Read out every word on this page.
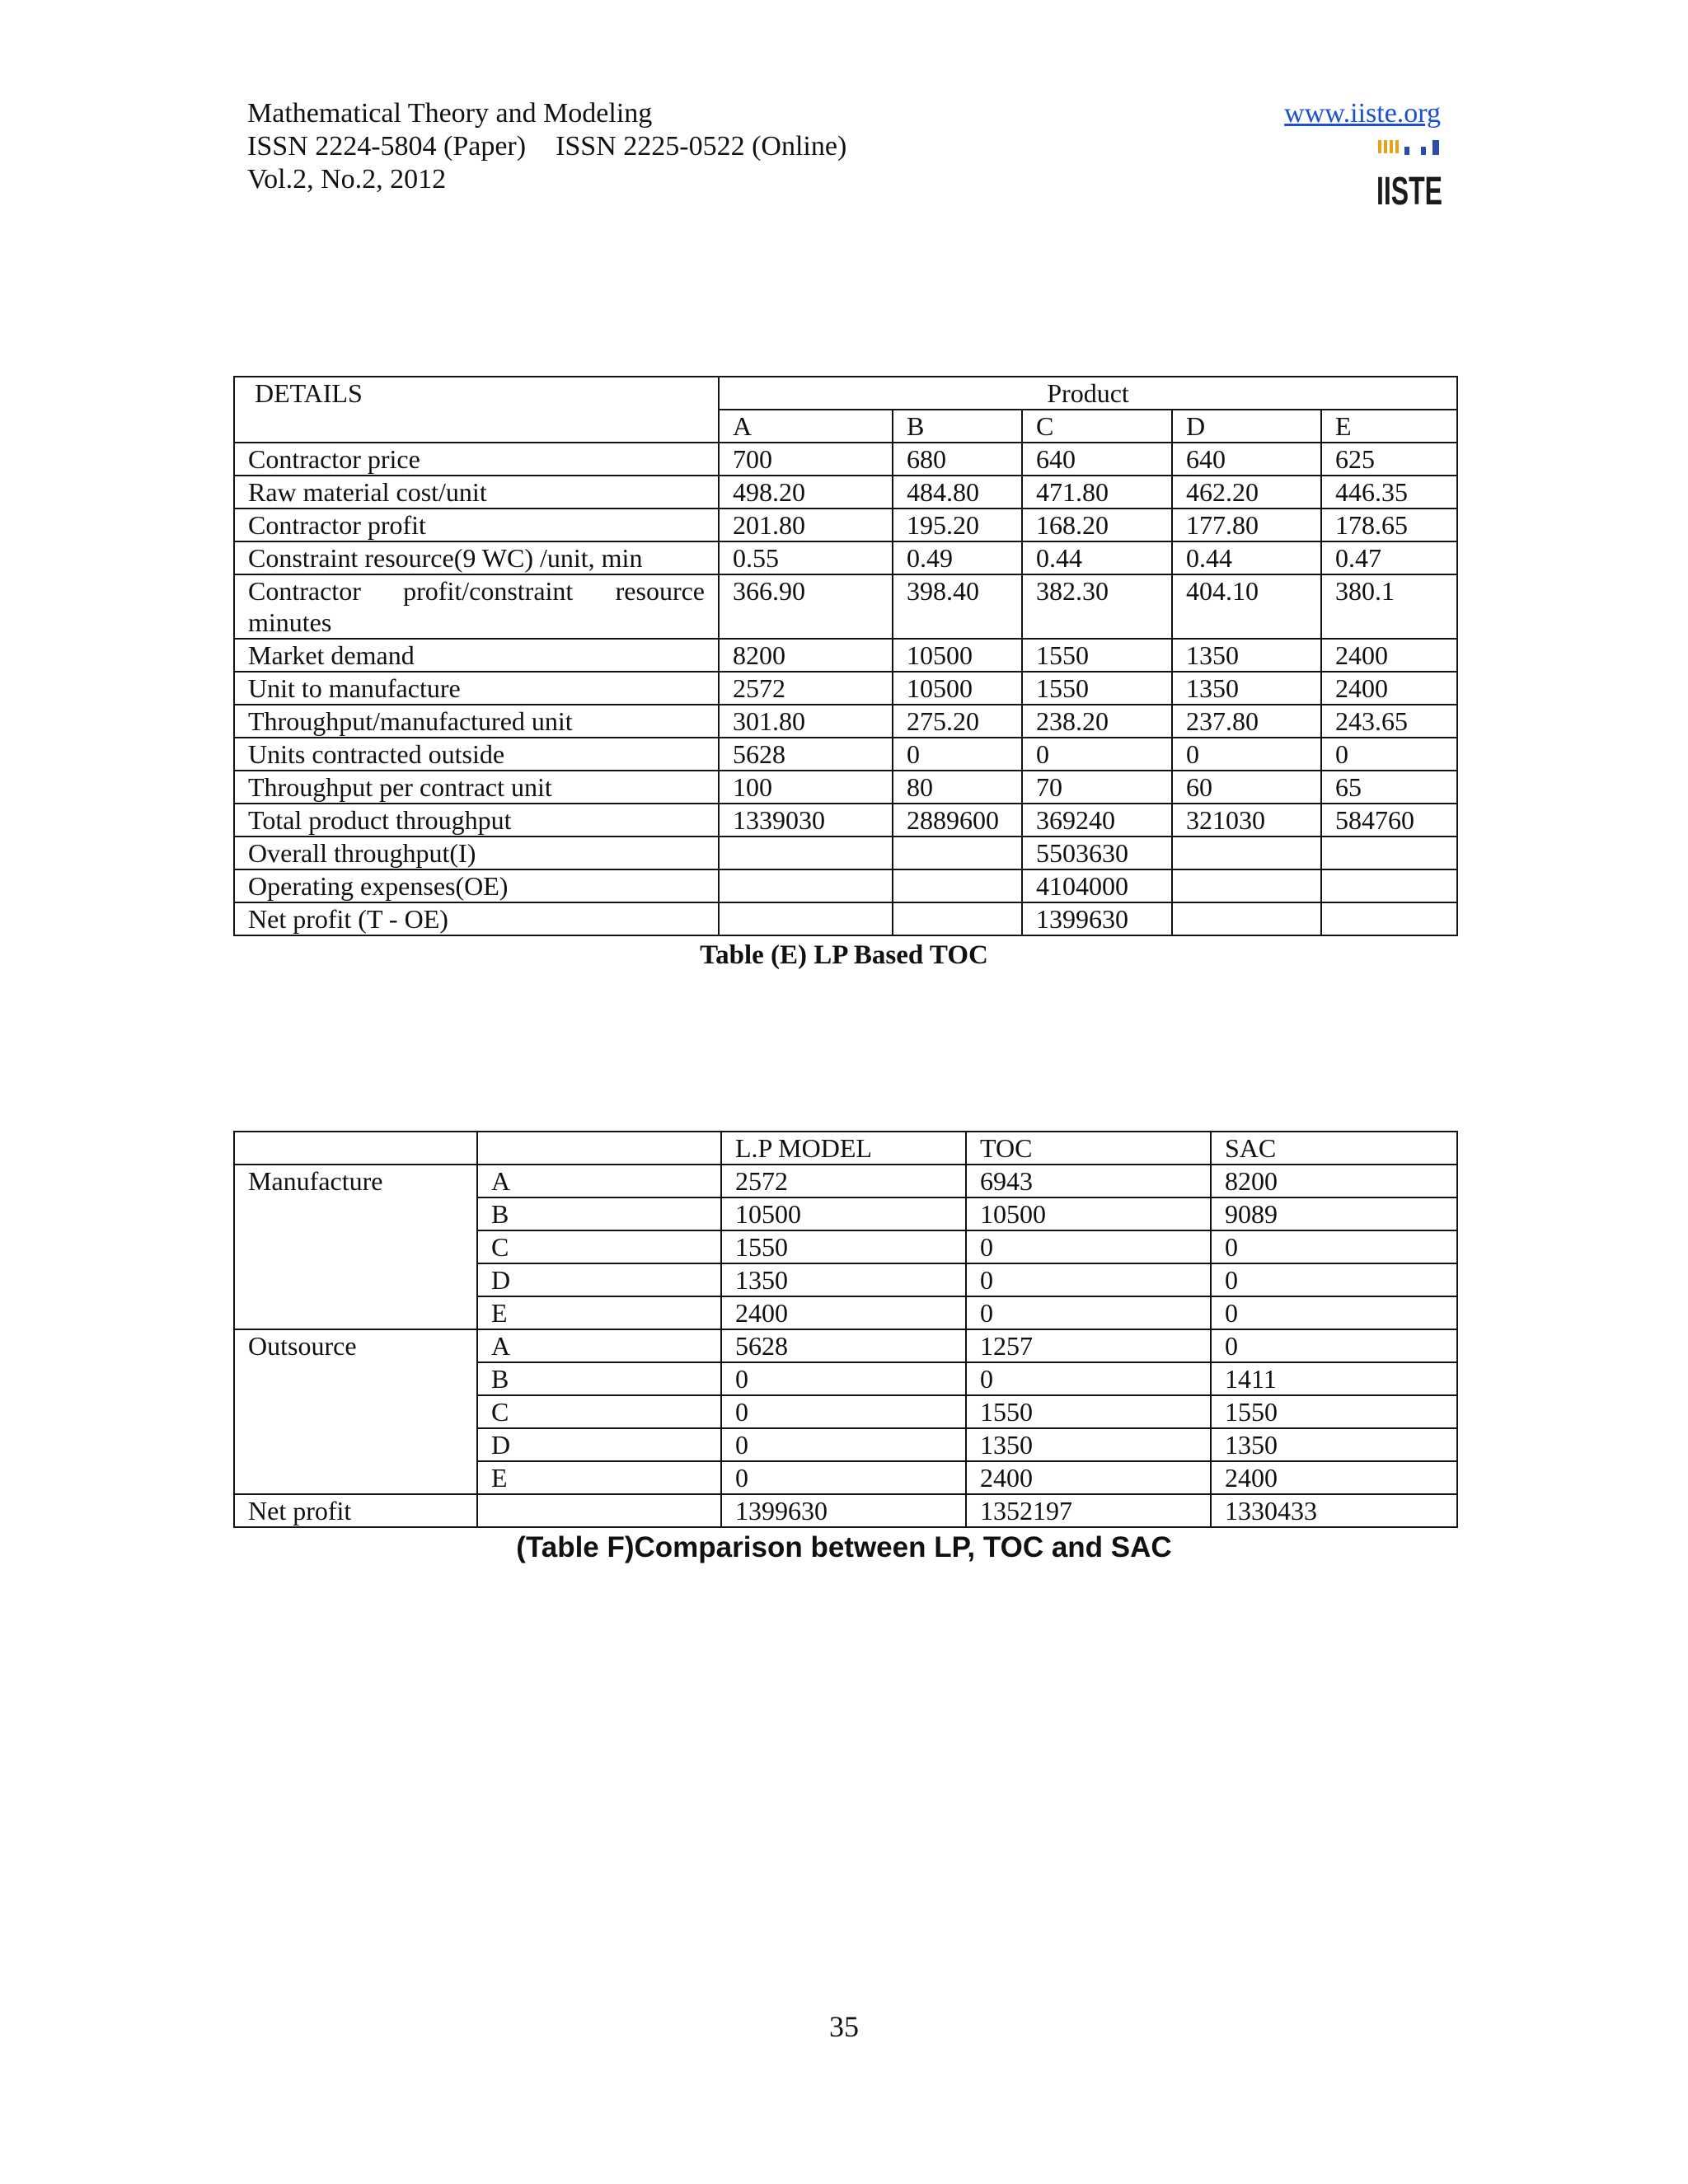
Mathematical Theory and Modeling
ISSN 2224-5804 (Paper) ISSN 2225-0522 (Online)
Vol.2, No.2, 2012
www.iiste.org
IISTE
DETAILS	Product				
	A	B	C	D	E
Contractor price	700	680	640	640	625
Raw material cost/unit	498.20	484.80	471.80	462.20	446.35
Contractor profit	201.80	195.20	168.20	177.80	178.65
Constraint resource(9 WC) /unit, min	0.55	0.49	0.44	0.44	0.47
Contractor profit/constraint resource minutes	366.90	398.40	382.30	404.10	380.1
Market demand	8200	10500	1550	1350	2400
Unit to manufacture	2572	10500	1550	1350	2400
Throughput/manufactured unit	301.80	275.20	238.20	237.80	243.65
Units contracted outside	5628	0	0	0	0
Throughput per contract unit	100	80	70	60	65
Total product throughput	1339030	2889600	369240	321030	584760
Overall throughput(I)			5503630		
Operating expenses(OE)			4104000		
Net profit (T - OE)			1399630		
Table (E) LP Based TOC
		L.P MODEL	TOC	SAC
Manufacture	A	2572	6943	8200
	B	10500	10500	9089
	C	1550	0	0
	D	1350	0	0
	E	2400	0	0
Outsource	A	5628	1257	0
	B	0	0	1411
	C	0	1550	1550
	D	0	1350	1350
	E	0	2400	2400
Net profit		1399630	1352197	1330433
(Table F)Comparison between LP, TOC and SAC
35
